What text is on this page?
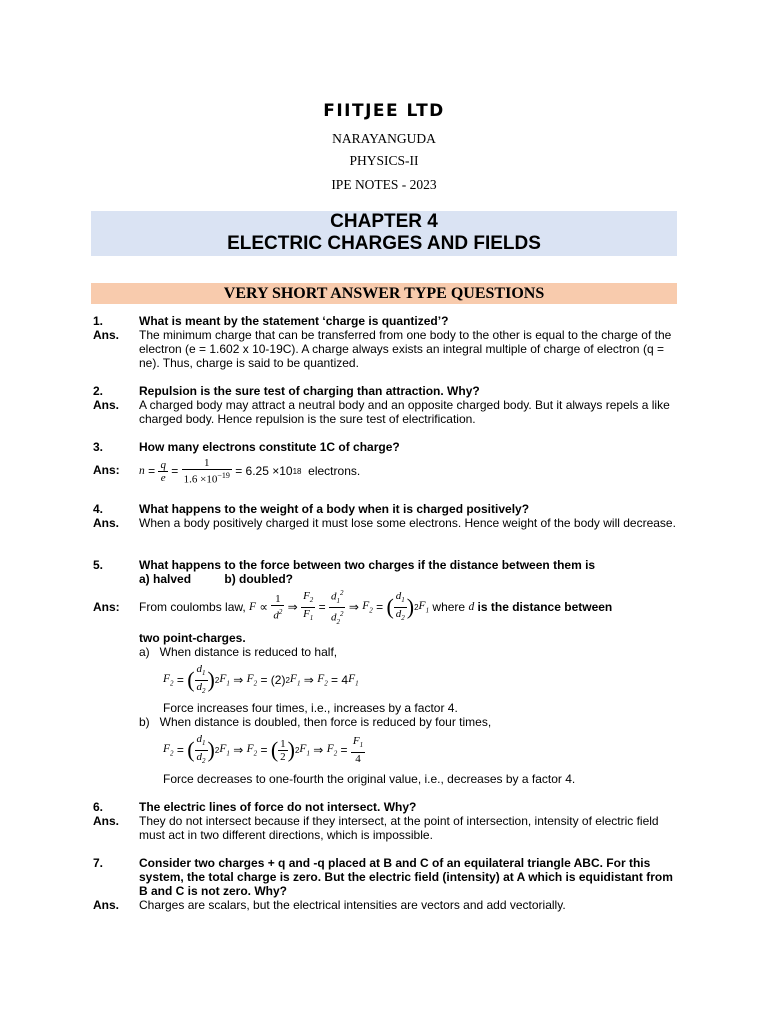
FIITJEE LTD
NARAYANGUDA
PHYSICS-II
IPE NOTES - 2023
CHAPTER 4
ELECTRIC CHARGES AND FIELDS
VERY SHORT ANSWER TYPE QUESTIONS
1.	What is meant by the statement ‘charge is quantized’?
Ans. The minimum charge that can be transferred from one body to the other is equal to the charge of the electron (e = 1.602 x 10-19C). A charge always exists an integral multiple of charge of electron (q = ne). Thus, charge is said to be quantized.
2.	Repulsion is the sure test of charging than attraction. Why?
Ans. A charged body may attract a neutral body and an opposite charged body. But it always repels a like charged body. Hence repulsion is the sure test of electrification.
3.	How many electrons constitute 1C of charge?
Ans: $n = \frac{q}{e} = \frac{1}{1.6 \times 10^{-19}} = 6.25 \times 10$ 18
electrons.
4.	What happens to the weight of a body when it is charged positively?
Ans. When a body positively charged it must lose some electrons. Hence weight of the body will decrease.
5.	What happens to the force between two charges if the distance between them is
a) halved          b) doubled?
Ans: From coulombs law,
$F \propto \frac{1}{d^2}$ ⇒ $\frac{F_2}{F_1} = \frac{d_1^2}{d_2^2}$ ⇒ $F_2$ = ( $\frac{d_1}{d_2}$ ) 2 $F_1$
where
d
is the distance between
two point-charges.
a)   When distance is reduced to half,
$F_2$ = ( $\frac{d_1}{d_2}$ ) 2 $F_1$ ⇒ $F_2 = (2)$ 2 $F_1$ ⇒ $F_2 = 4$ $F_1$
Force increases four times, i.e., increases by a factor 4.
b)   When distance is doubled, then force is reduced by four times,
$F_2$ = ( $\frac{d_1}{d_2}$ ) 2 $F_1$ ⇒ $F_2$ = ( $\frac{1}{2}$ ) 2 $F_1$ ⇒ $F_2 = \frac{F_1}{4}$
Force decreases to one-fourth the original value, i.e., decreases by a factor 4.
6.	The electric lines of force do not intersect. Why?
Ans. They do not intersect because if they intersect, at the point of intersection, intensity of electric field must act in two different directions, which is impossible.
7.	Consider two charges + q and -q placed at B and C of an equilateral triangle ABC. For this system, the total charge is zero. But the electric field (intensity) at A which is equidistant from B and C is not zero. Why?
Ans. Charges are scalars, but the electrical intensities are vectors and add vectorially.
